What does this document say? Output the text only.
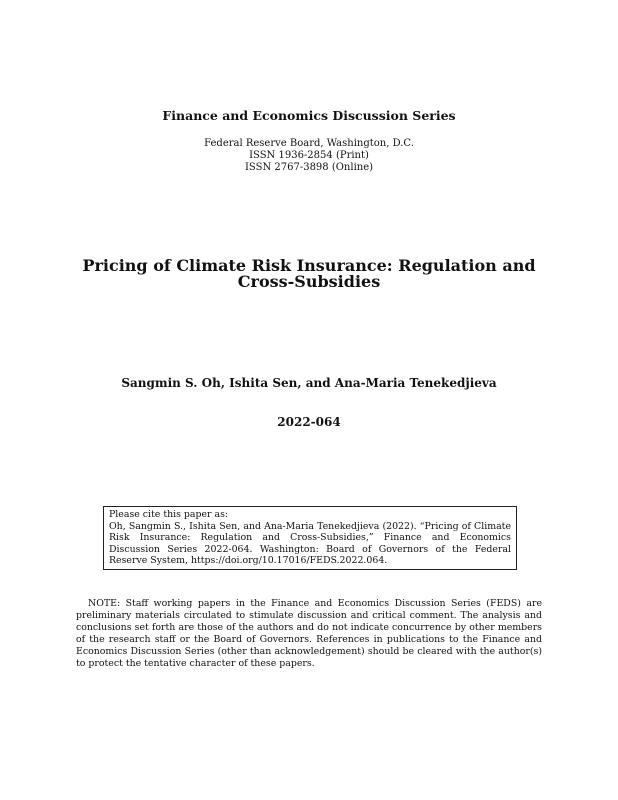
Finance and Economics Discussion Series
Federal Reserve Board, Washington, D.C.
ISSN 1936-2854 (Print)
ISSN 2767-3898 (Online)
Pricing of Climate Risk Insurance: Regulation and
Cross-Subsidies
Sangmin S. Oh, Ishita Sen, and Ana-Maria Tenekedjieva
2022-064
Please cite this paper as:
Oh, Sangmin S., Ishita Sen, and Ana-Maria Tenekedjieva (2022). “Pricing of Climate Risk Insurance: Regulation and Cross-Subsidies,” Finance and Economics Discussion Series 2022-064. Washington: Board of Governors of the Federal Reserve System, https://doi.org/10.17016/FEDS.2022.064.
NOTE: Staff working papers in the Finance and Economics Discussion Series (FEDS) are preliminary materials circulated to stimulate discussion and critical comment. The analysis and conclusions set forth are those of the authors and do not indicate concurrence by other members of the research staff or the Board of Governors. References in publications to the Finance and Economics Discussion Series (other than acknowledgement) should be cleared with the author(s) to protect the tentative character of these papers.
